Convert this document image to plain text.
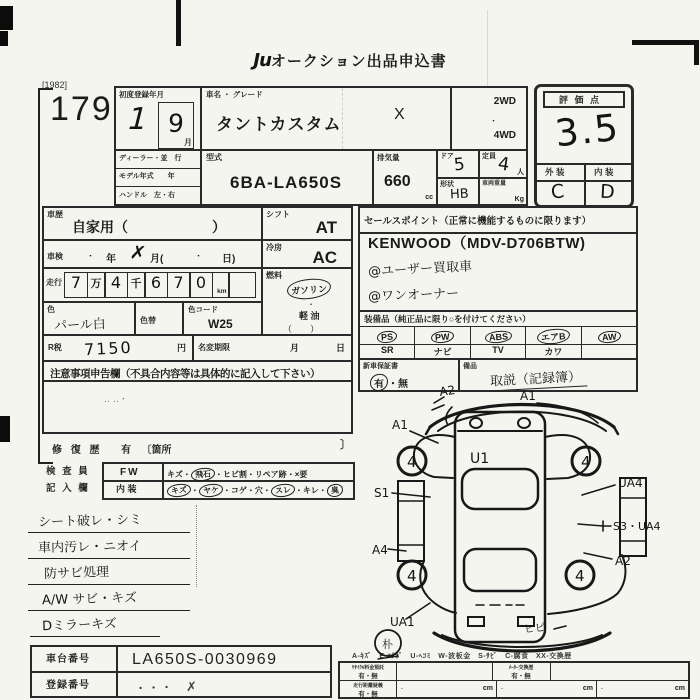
Juオークション出品申込書
[1982]
179 初度登録年月
1 9
月
車名 ・ グレード
タントカスタム
X
2WD
・
4WD
ディーラー・並　行
モデル年式　　年
ハンドル　左・右
型式
6BA-LA650S
排気量
660
cc
ドア 5 定員 4 人
形状
HB
車両重量
Kg
評 価 点
3.5
外 装	内 装
C D
車歴
自家用（　　　　　　）
車検	・ 年 ✗ 月(	・ 日)
走行 7 万 4 千 6 7 0	km
色
パール白	色替
色コード
W25
シフト
AT
冷房
AC
燃料
ガソリン
・
軽 油
（　　）
R税 7150	円 名変期限	月	日
注意事項申告欄（不具合内容等は具体的に記入して下さい）
‥ ‥・
修 復 歴 有 〔箇所	〕
検 査 員
記 入 欄
FW	キズ・ 飛石 ・ヒビ割・リペア跡・×要
内 装	キズ ・ ヤケ ・コゲ・穴・ スレ ・キレ・ 臭
セールスポイント（正常に機能するものに限ります）
KENWOOD（MDV-D706BTW)
@ユーザー買取車
@ワンオーナー
装備品（純正品に限り○を付けてください）
PS	PW	ABS	エアB	AW
SR	ナビ	TV	カワ
新車保証書
有 ・無
備品
取説（記録簿）
シート破レ・シミ
車内汚レ・ニオイ
防サビ処理
A/W サビ・キズ
Dミラーキズ
車台番号	LA650S-0030969
登録番号	・・・　✗
A-ｷｽﾞ　E-ｴｸﾎﾞ　U-ﾍｺﾐ　W-波板金　S-ｻﾋﾞ　C-腐食　XX-交換歴
ﾘｻｲｸﾙ料金預託
有・無
ﾒｰﾀｰ交換歴
有・無
走行距離疑義
有・無
・	cm ・	cm ・	cm
4	4
4	4
A2	A1
A1
U1
S1
A4
UA1
UA4
S3・UA4
A2
ヒビ
朴
